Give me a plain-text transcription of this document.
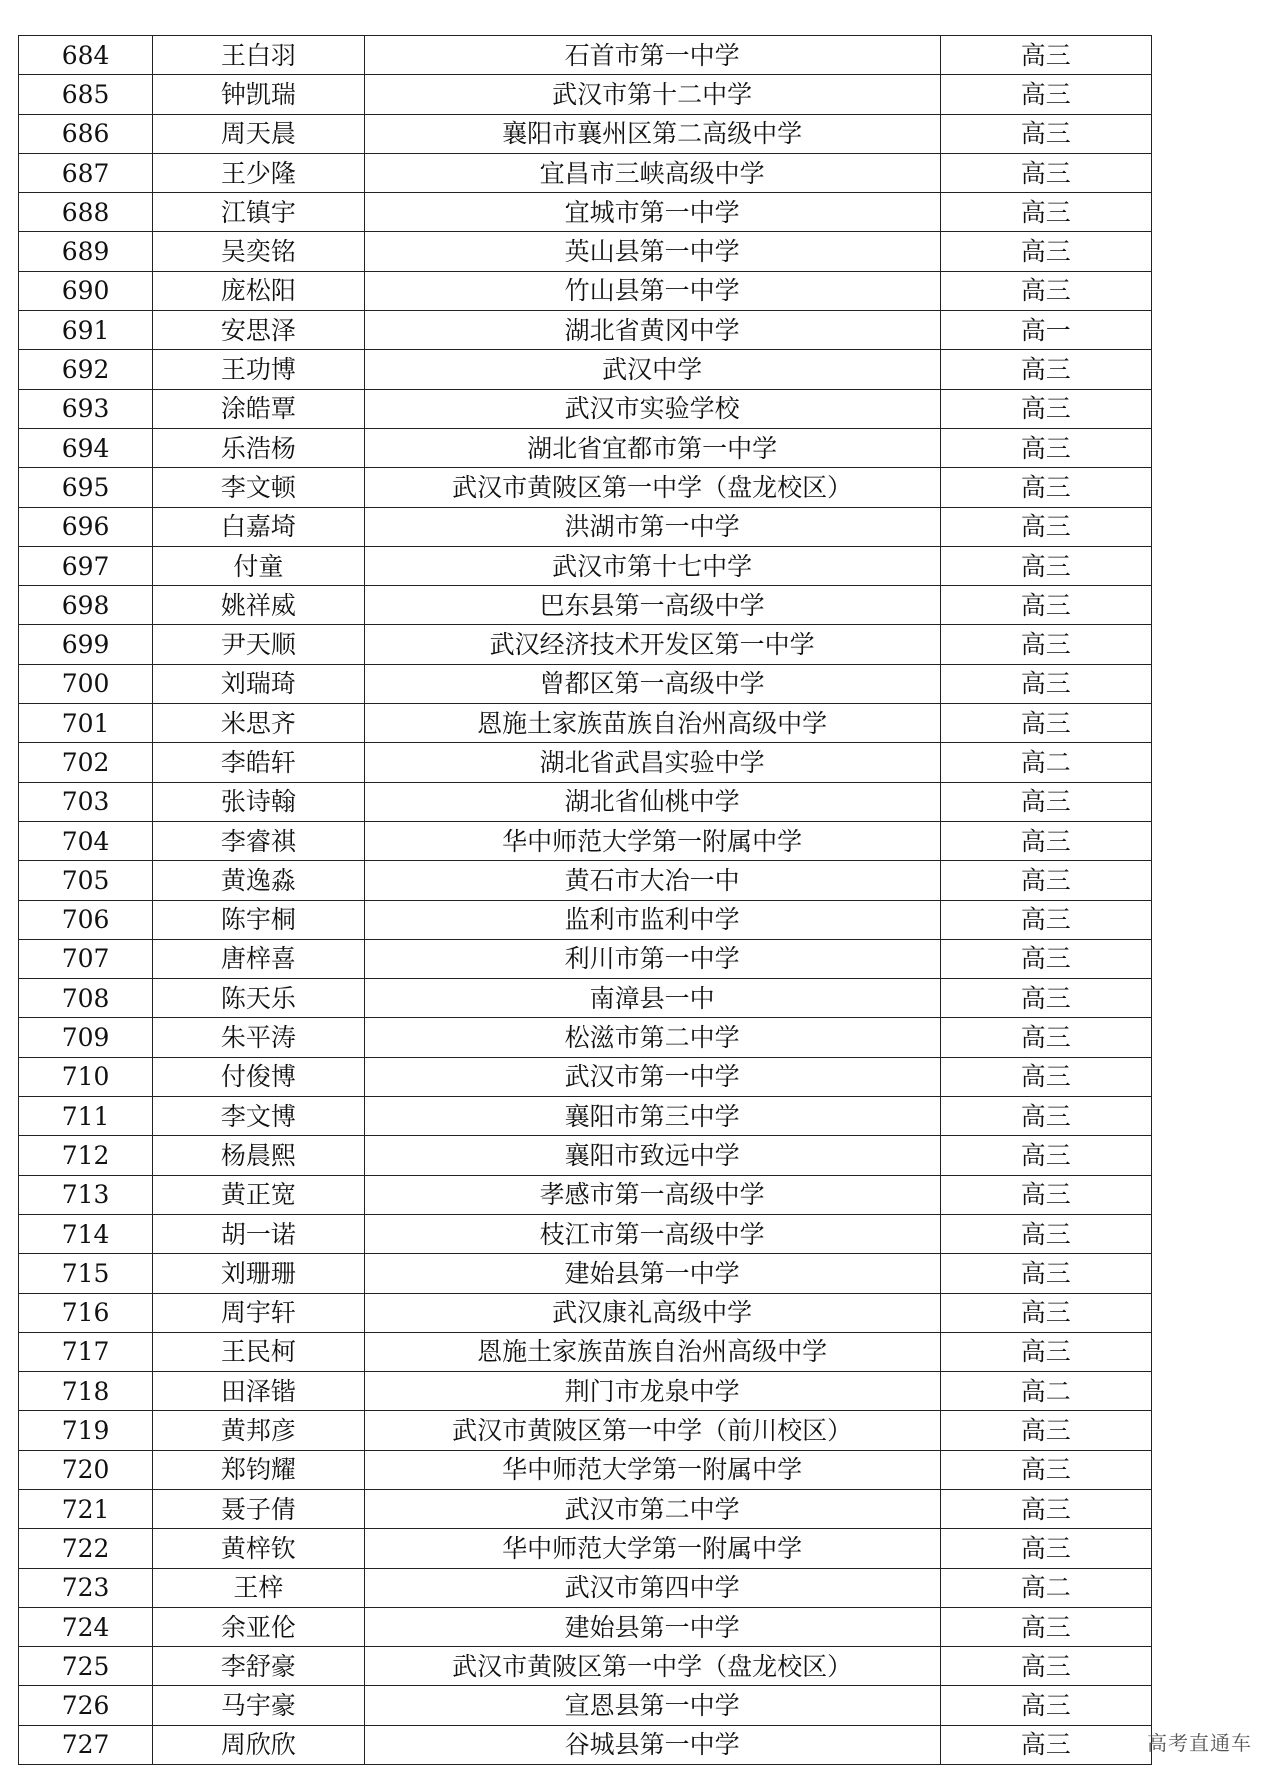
684	王白羽	石首市第一中学	高三
685	钟凯瑞	武汉市第十二中学	高三
686	周天晨	襄阳市襄州区第二高级中学	高三
687	王少隆	宜昌市三峡高级中学	高三
688	江镇宇	宜城市第一中学	高三
689	吴奕铭	英山县第一中学	高三
690	庞松阳	竹山县第一中学	高三
691	安思泽	湖北省黄冈中学	高一
692	王功博	武汉中学	高三
693	涂皓覃	武汉市实验学校	高三
694	乐浩杨	湖北省宜都市第一中学	高三
695	李文顿	武汉市黄陂区第一中学（盘龙校区）	高三
696	白嘉埼	洪湖市第一中学	高三
697	付童	武汉市第十七中学	高三
698	姚祥威	巴东县第一高级中学	高三
699	尹天顺	武汉经济技术开发区第一中学	高三
700	刘瑞琦	曾都区第一高级中学	高三
701	米思齐	恩施土家族苗族自治州高级中学	高三
702	李皓轩	湖北省武昌实验中学	高二
703	张诗翰	湖北省仙桃中学	高三
704	李睿祺	华中师范大学第一附属中学	高三
705	黄逸淼	黄石市大冶一中	高三
706	陈宇桐	监利市监利中学	高三
707	唐梓喜	利川市第一中学	高三
708	陈天乐	南漳县一中	高三
709	朱平涛	松滋市第二中学	高三
710	付俊博	武汉市第一中学	高三
711	李文博	襄阳市第三中学	高三
712	杨晨熙	襄阳市致远中学	高三
713	黄正宽	孝感市第一高级中学	高三
714	胡一诺	枝江市第一高级中学	高三
715	刘珊珊	建始县第一中学	高三
716	周宇轩	武汉康礼高级中学	高三
717	王民柯	恩施土家族苗族自治州高级中学	高三
718	田泽锴	荆门市龙泉中学	高二
719	黄邦彦	武汉市黄陂区第一中学（前川校区）	高三
720	郑钧耀	华中师范大学第一附属中学	高三
721	聂子倩	武汉市第二中学	高三
722	黄梓钦	华中师范大学第一附属中学	高三
723	王梓	武汉市第四中学	高二
724	余亚伦	建始县第一中学	高三
725	李舒豪	武汉市黄陂区第一中学（盘龙校区）	高三
726	马宇豪	宣恩县第一中学	高三
727	周欣欣	谷城县第一中学	高三	高考直通车
